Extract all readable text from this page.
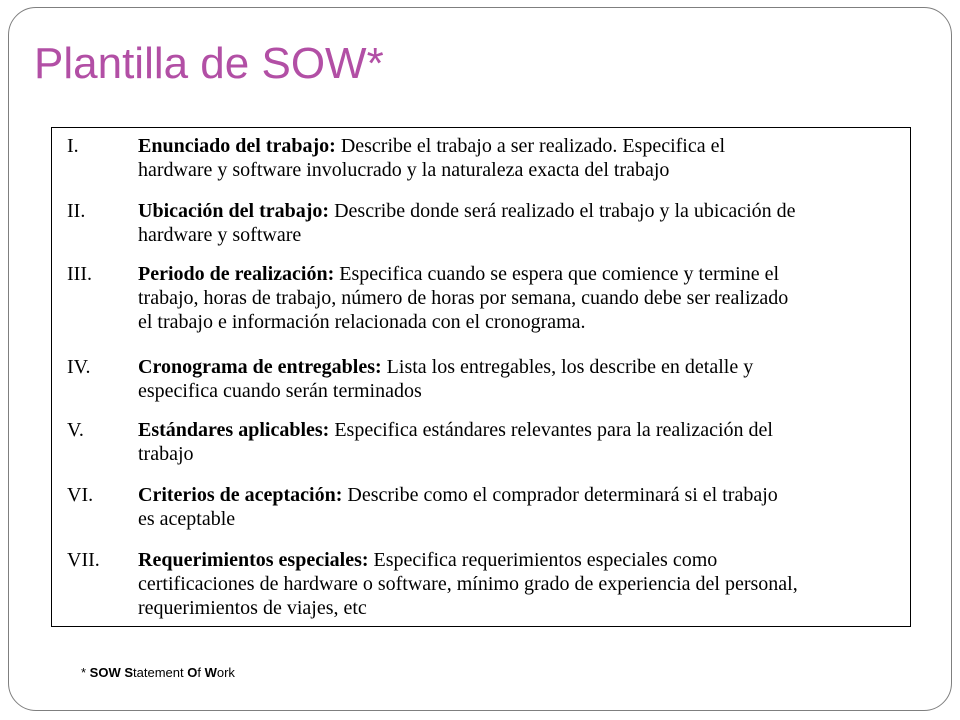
Plantilla de SOW*
I.	Enunciado del trabajo: Describe el trabajo a ser realizado. Especifica el
hardware y software involucrado y la naturaleza exacta del trabajo
II.	Ubicación del trabajo: Describe donde será realizado el trabajo y la ubicación de
hardware y software
III. Periodo de realización: Especifica cuando se espera que comience y termine el
trabajo, horas de trabajo, número de horas por semana, cuando debe ser realizado
el trabajo e información relacionada con el cronograma.
IV. Cronograma de entregables: Lista los entregables, los describe en detalle y
especifica cuando serán terminados
V.	Estándares aplicables: Especifica estándares relevantes para la realización del
trabajo
VI. Criterios de aceptación: Describe como el comprador determinará si el trabajo
es aceptable
VII. Requerimientos especiales: Especifica requerimientos especiales como
certificaciones de hardware o software, mínimo grado de experiencia del personal,
requerimientos de viajes, etc
* SOW Statement Of Work
